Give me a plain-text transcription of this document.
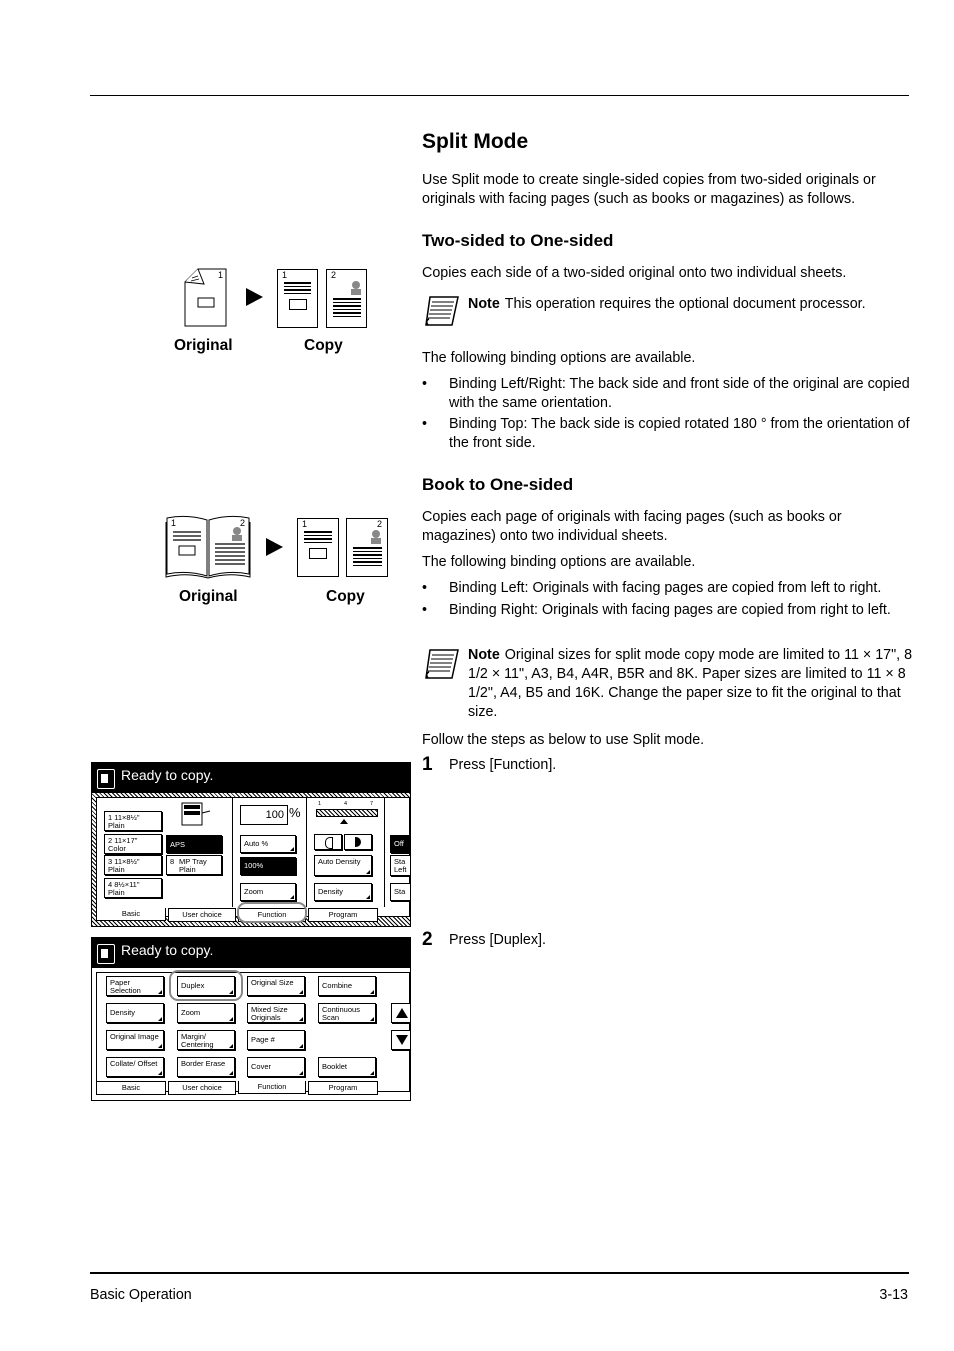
Split Mode

Use Split mode to create single-sided copies from two-sided originals or originals with facing pages (such as books or magazines) as follows.

Two-sided to One-sided

Copies each side of a two-sided original onto two individual sheets.

Note This operation requires the optional document processor.

The following binding options are available.

• Binding Left/Right: The back side and front side of the original are copied with the same orientation.
• Binding Top: The back side is copied rotated 180 ° from the orientation of the front side.
1	1	2
Original	Copy
Book to One-sided

Copies each page of originals with facing pages (such as books or magazines) onto two individual sheets.

The following binding options are available.

• Binding Left: Originals with facing pages are copied from left to right.
• Binding Right: Originals with facing pages are copied from right to left.
Note Original sizes for split mode copy mode are limited to 11 × 17", 8 1/2 × 11", A3, B4, A4R, B5R and 8K. Paper sizes are limited to 11 × 8 1/2", A4, B5 and 16K. Change the paper size to fit the original to that size.
1	2	1	2
Original	Copy

Follow the steps as below to use Split mode.

1 Press [Function].
2 Press [Duplex].
Ready to copy.
1 11×8½"
Plain
2 11×17"
Color
3 11×8½"
Plain
4 8½×11"
Plain
APS
8 MP Tray
Plain
100 %
Auto %
100%
Zoom
1	4	7
Auto Density
Density
Off
Sta
Left
Sta
Basic	User choice	Function	Program
Ready to copy.
Paper Selection
Duplex	Original Size	Combine
Density	Zoom	Mixed Size Originals
Continuous Scan
Original Image	Margin/ Centering
Page #
Collate/ Offset	Border Erase	Cover	Booklet
Basic	User choice	Function	Program
Basic Operation	3-13
